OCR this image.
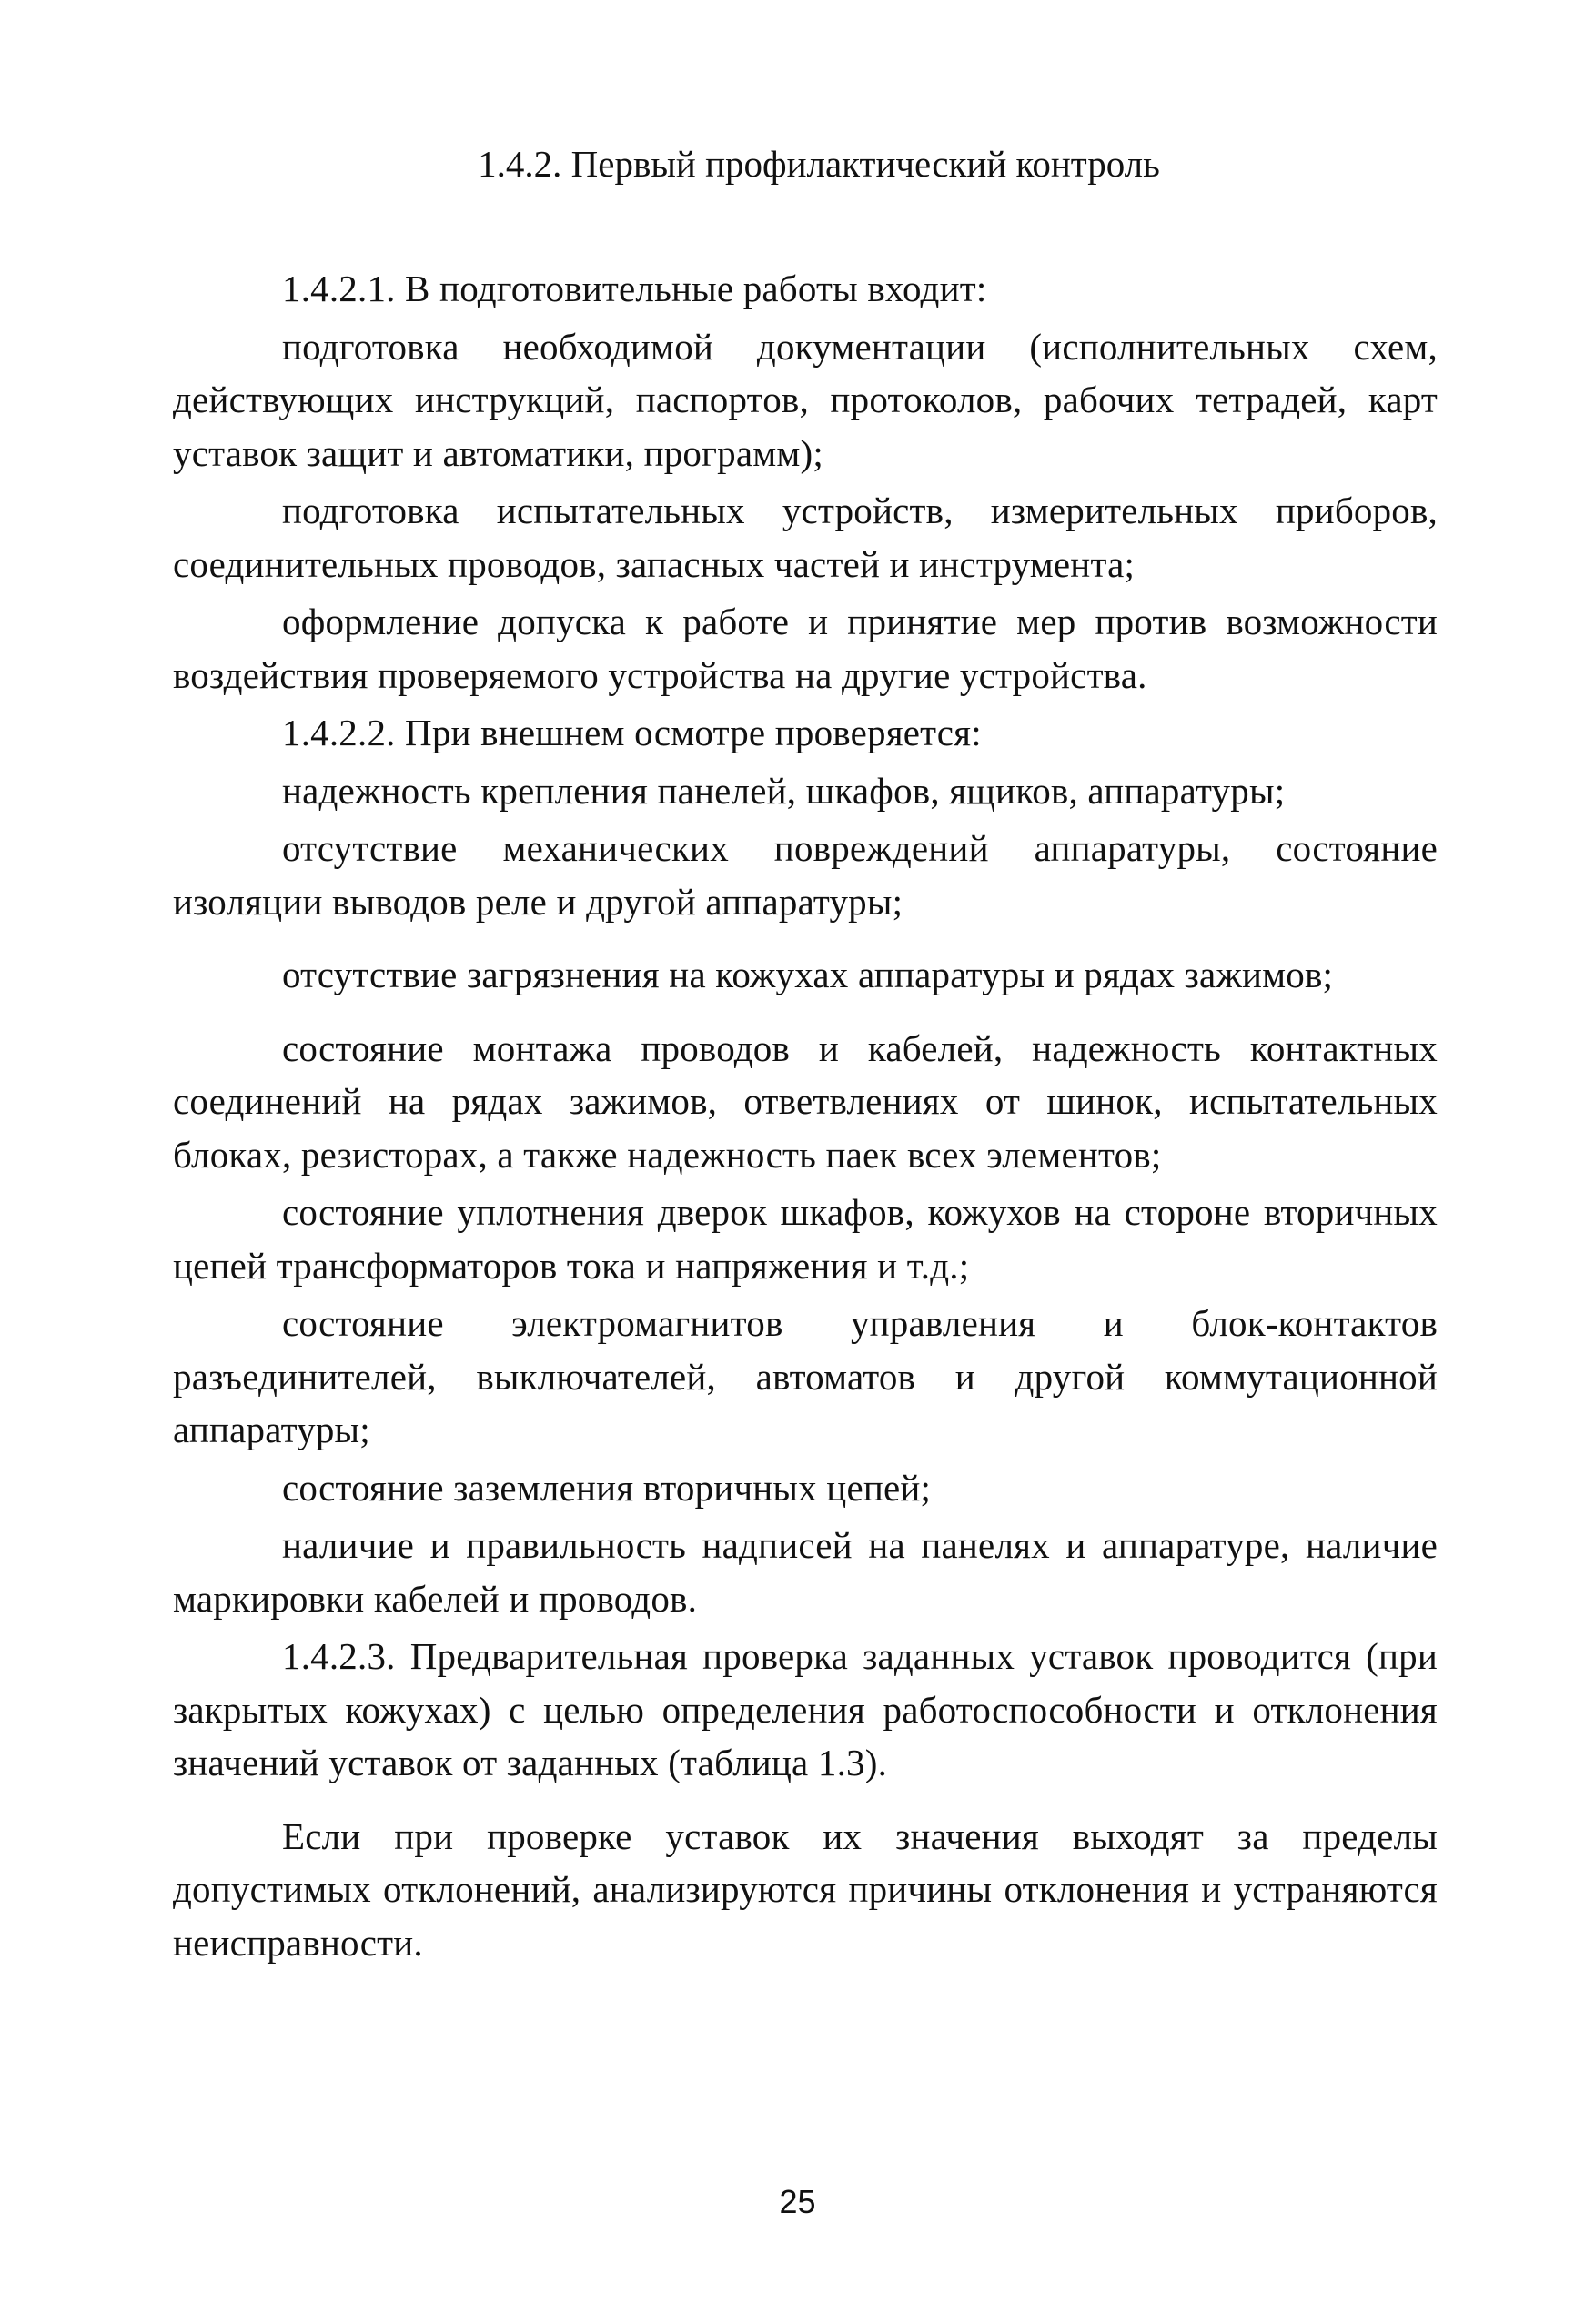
1.4.2. Первый профилактический контроль

1.4.2.1. В подготовительные работы входит:

подготовка необходимой документации (исполнительных схем, действующих инструкций, паспортов, протоколов, рабочих тетрадей, карт уставок защит и автоматики, программ);

подготовка испытательных устройств, измерительных приборов, соединительных проводов, запасных частей и инструмента;

оформление допуска к работе и принятие мер против возможности воздействия проверяемого устройства на другие устройства.

1.4.2.2. При внешнем осмотре проверяется:

надежность крепления панелей, шкафов, ящиков, аппаратуры;

отсутствие механических повреждений аппаратуры, состояние изоляции выводов реле и другой аппаратуры;

отсутствие загрязнения на кожухах аппаратуры и рядах зажимов;

состояние монтажа проводов и кабелей, надежность контактных соединений на рядах зажимов, ответвлениях от шинок, испытательных блоках, резисторах, а также надежность паек всех элементов;

состояние уплотнения дверок шкафов, кожухов на стороне вторичных цепей трансформаторов тока и напряжения и т.д.;

состояние электромагнитов управления и блок-контактов разъединителей, выключателей, автоматов и другой коммутационной аппаратуры;

состояние заземления вторичных цепей;

наличие и правильность надписей на панелях и аппаратуре, наличие маркировки кабелей и проводов.

1.4.2.3. Предварительная проверка заданных уставок проводится (при закрытых кожухах) с целью определения работоспособности и отклонения значений уставок от заданных (таблица 1.3).

Если при проверке уставок их значения выходят за пределы допустимых отклонений, анализируются причины отклонения и устраняются неисправности.

25
